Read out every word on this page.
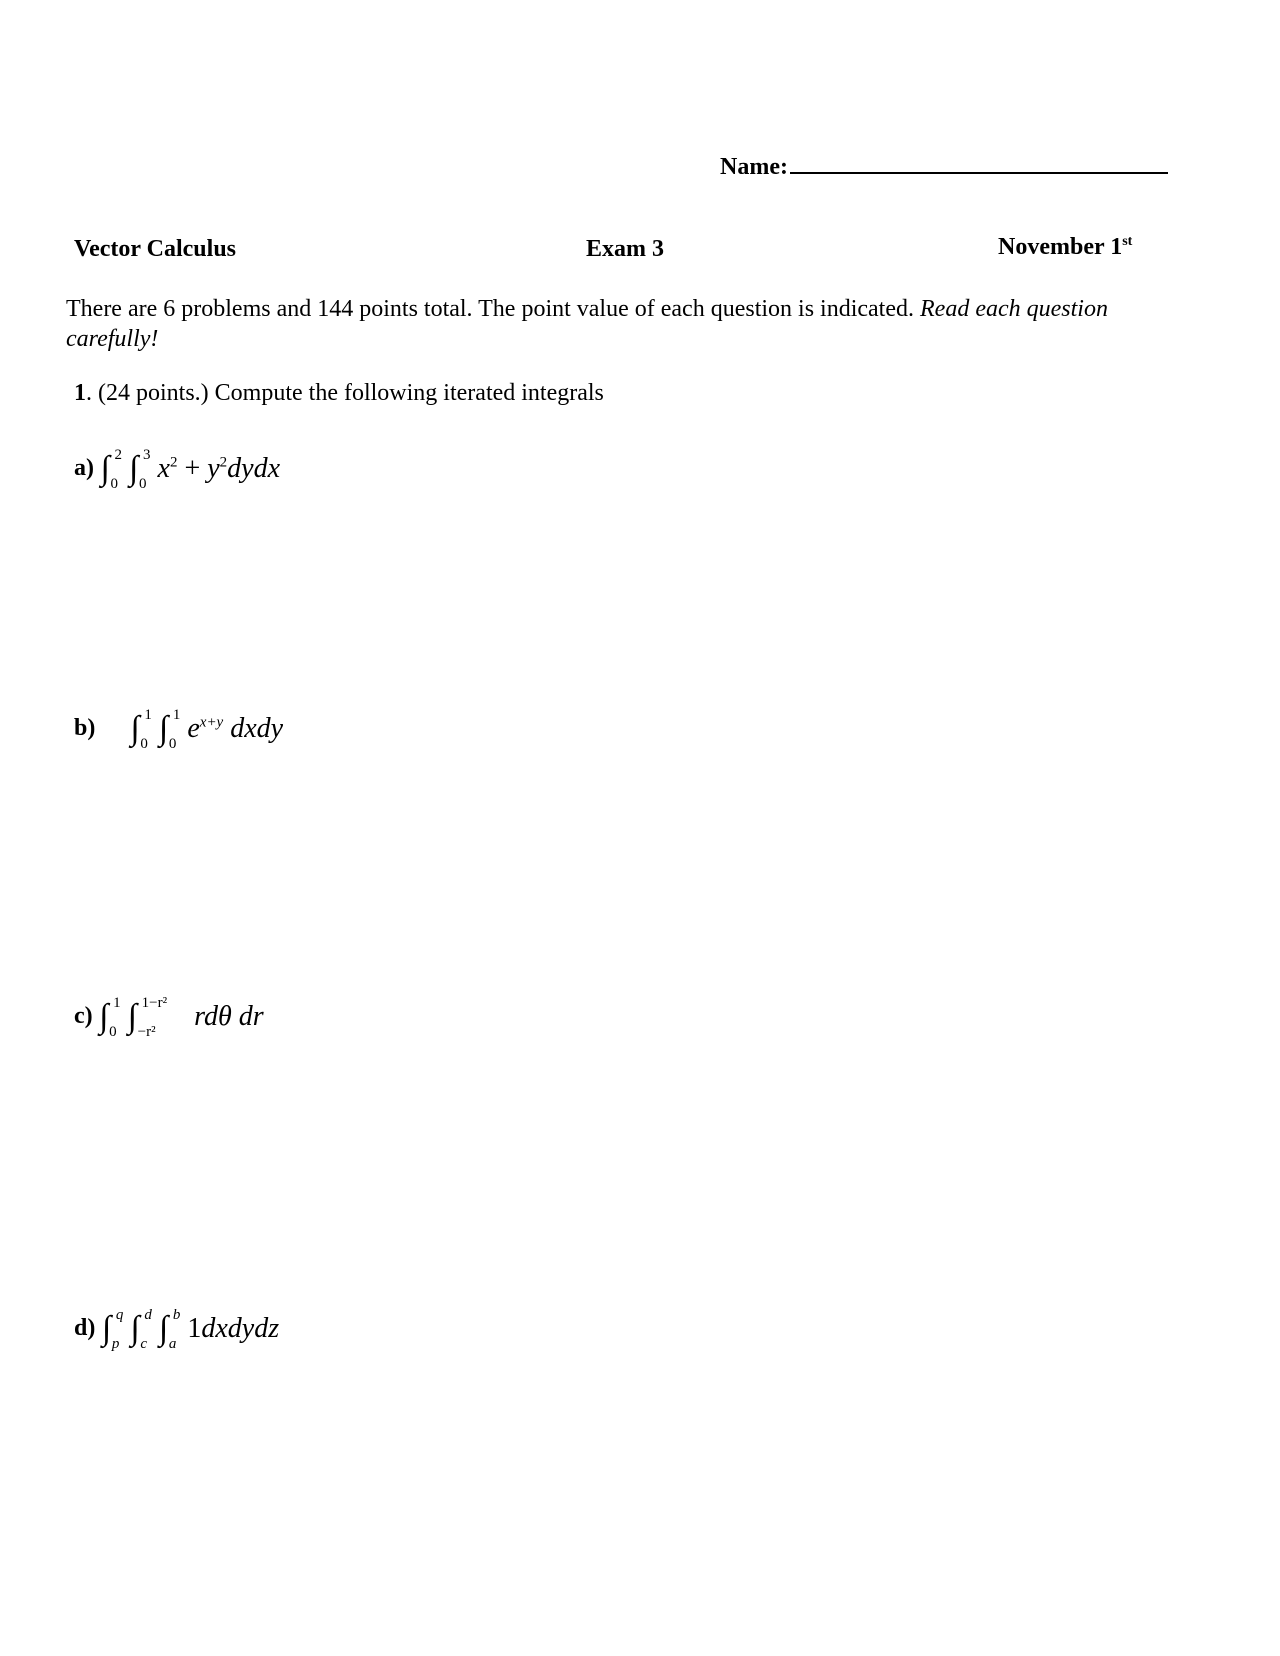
Name:
Vector Calculus	Exam 3	November 1st
There are 6 problems and 144 points total. The point value of each question is indicated. Read each question carefully!
1. (24 points.) Compute the following iterated integrals
a) ∫ 2
0 ∫ 3
0 $x^2$ + $y^2dydx$
b) ∫ 1
0 ∫ 1
0 $e^{x+y}$ dxdy
c) ∫ 1
0 ∫ 1−r²
−r² rdθ dr
d) ∫ q
p ∫ d
c ∫ b
a 1dxdydz
